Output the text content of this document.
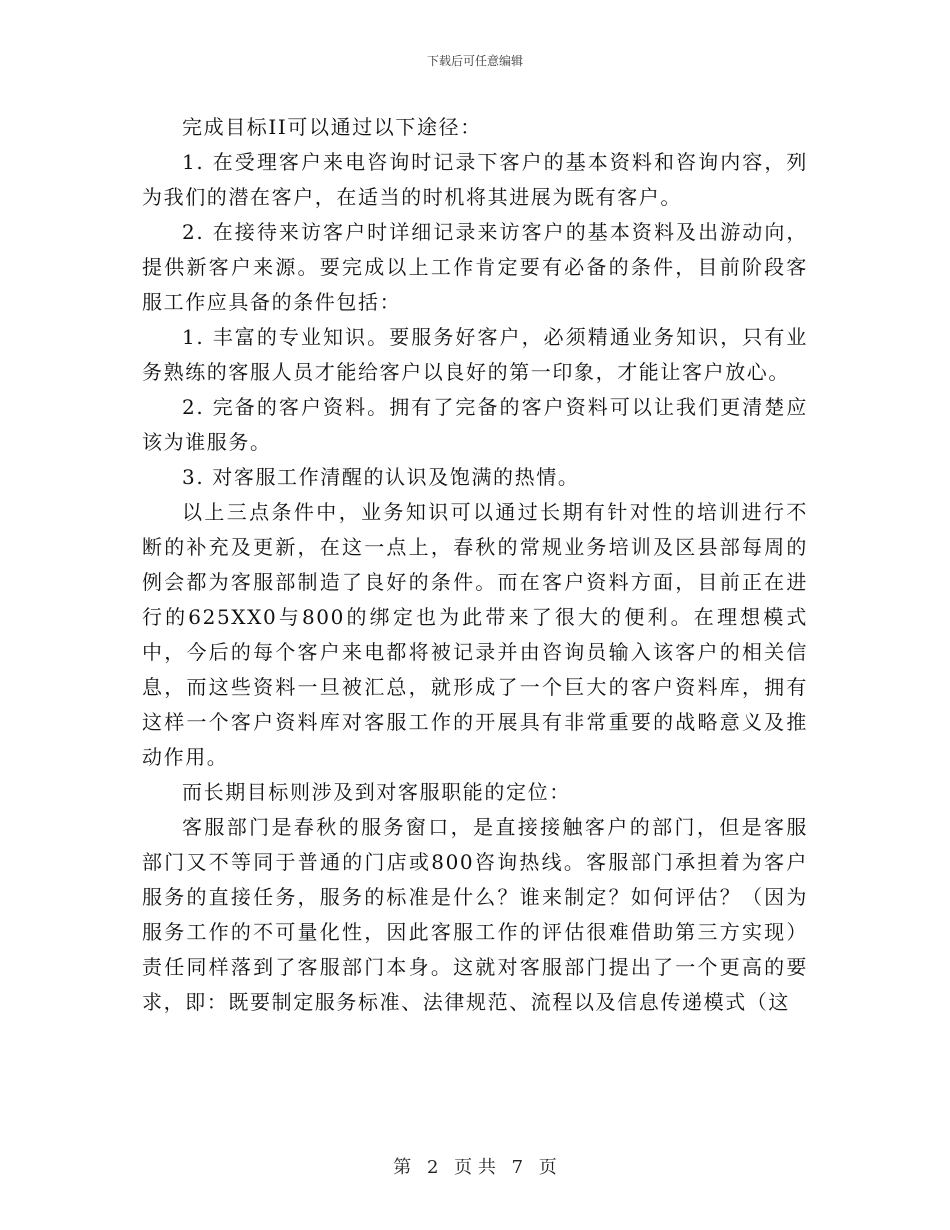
下载后可任意编辑

完成目标II可以通过以下途径：

1. 在受理客户来电咨询时记录下客户的基本资料和咨询内容，列为我们的潜在客户，在适当的时机将其进展为既有客户。

2. 在接待来访客户时详细记录来访客户的基本资料及出游动向，提供新客户来源。要完成以上工作肯定要有必备的条件，目前阶段客服工作应具备的条件包括：

1. 丰富的专业知识。要服务好客户，必须精通业务知识，只有业务熟练的客服人员才能给客户以良好的第一印象，才能让客户放心。

2. 完备的客户资料。拥有了完备的客户资料可以让我们更清楚应该为谁服务。

3. 对客服工作清醒的认识及饱满的热情。

以上三点条件中，业务知识可以通过长期有针对性的培训进行不断的补充及更新，在这一点上，春秋的常规业务培训及区县部每周的例会都为客服部制造了良好的条件。而在客户资料方面，目前正在进行的625XX0与800的绑定也为此带来了很大的便利。在理想模式中，今后的每个客户来电都将被记录并由咨询员输入该客户的相关信息，而这些资料一旦被汇总，就形成了一个巨大的客户资料库，拥有这样一个客户资料库对客服工作的开展具有非常重要的战略意义及推动作用。

而长期目标则涉及到对客服职能的定位：

客服部门是春秋的服务窗口，是直接接触客户的部门，但是客服部门又不等同于普通的门店或800咨询热线。客服部门承担着为客户服务的直接任务，服务的标准是什么？谁来制定？如何评估？（因为服务工作的不可量化性，因此客服工作的评估很难借助第三方实现）责任同样落到了客服部门本身。这就对客服部门提出了一个更高的要求，即：既要制定服务标准、法律规范、流程以及信息传递模式（这

第 2 页 共 7 页
